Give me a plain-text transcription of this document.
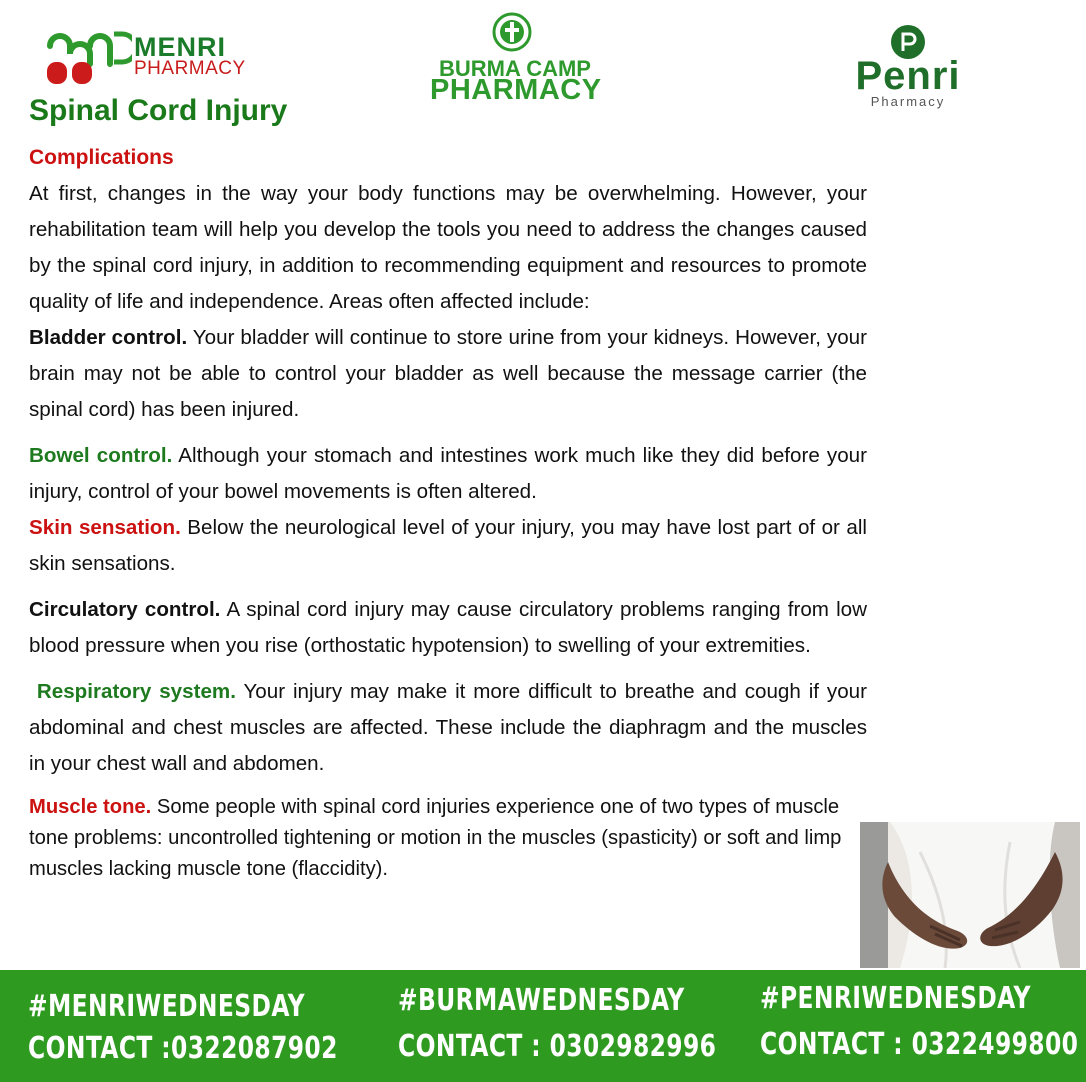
MENRI
PHARMACY	BURMA CAMP
PHARMACY	Penri
Pharmacy
Spinal Cord Injury

Complications

At first, changes in the way your body functions may be overwhelming. However, your rehabilitation team will help you develop the tools you need to address the changes caused by the spinal cord injury, in addition to recommending equipment and resources to promote quality of life and independence. Areas often affected include:

Bladder control. Your bladder will continue to store urine from your kidneys. However, your brain may not be able to control your bladder as well because the message carrier (the spinal cord) has been injured.

Bowel control. Although your stomach and intestines work much like they did before your injury, control of your bowel movements is often altered.

Skin sensation. Below the neurological level of your injury, you may have lost part of or all skin sensations.

Circulatory control. A spinal cord injury may cause circulatory problems ranging from low blood pressure when you rise (orthostatic hypotension) to swelling of your extremities.

Respiratory system. Your injury may make it more difficult to breathe and cough if your abdominal and chest muscles are affected. These include the diaphragm and the muscles in your chest wall and abdomen.

Muscle tone. Some people with spinal cord injuries experience one of two types of muscle tone problems: uncontrolled tightening or motion in the muscles (spasticity) or soft and limp muscles lacking muscle tone (flaccidity).

#MENRIWEDNESDAY
CONTACT :0322087902
#BURMAWEDNESDAY
CONTACT : 0302982996
#PENRIWEDNESDAY
CONTACT : 0322499800
